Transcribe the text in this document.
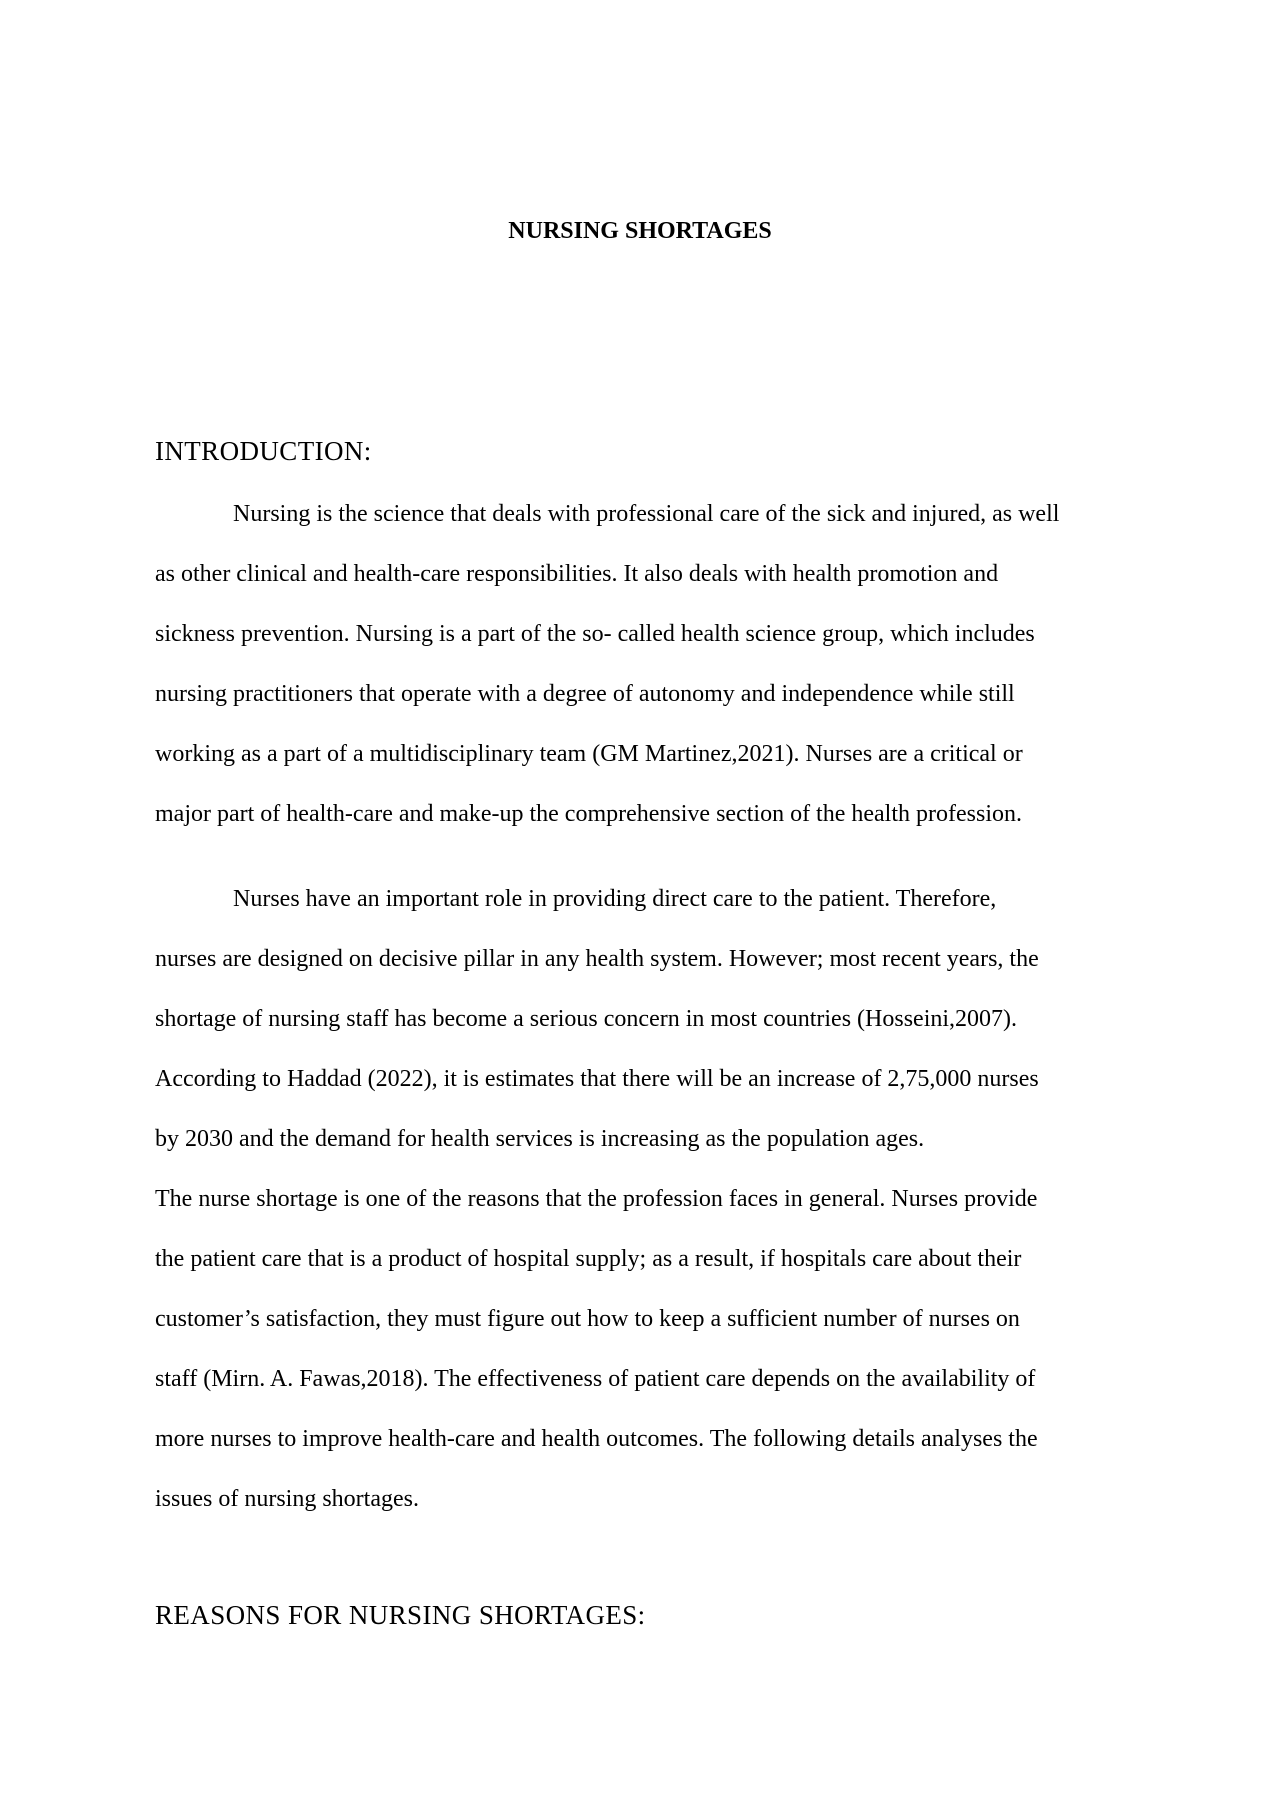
NURSING SHORTAGES
INTRODUCTION:
Nursing is the science that deals with professional care of the sick and injured, as well
as other clinical and health-care responsibilities. It also deals with health promotion and
sickness prevention. Nursing is a part of the so- called health science group, which includes
nursing practitioners that operate with a degree of autonomy and independence while still
working as a part of a multidisciplinary team (GM Martinez,2021). Nurses are a critical or
major part of health-care and make-up the comprehensive section of the health profession.
Nurses have an important role in providing direct care to the patient. Therefore,
nurses are designed on decisive pillar in any health system. However; most recent years, the
shortage of nursing staff has become a serious concern in most countries (Hosseini,2007).
According to Haddad (2022), it is estimates that there will be an increase of 2,75,000 nurses
by 2030 and the demand for health services is increasing as the population ages.
The nurse shortage is one of the reasons that the profession faces in general. Nurses provide
the patient care that is a product of hospital supply; as a result, if hospitals care about their
customer’s satisfaction, they must figure out how to keep a sufficient number of nurses on
staff (Mirn. A. Fawas,2018). The effectiveness of patient care depends on the availability of
more nurses to improve health-care and health outcomes. The following details analyses the
issues of nursing shortages.
REASONS FOR NURSING SHORTAGES:
